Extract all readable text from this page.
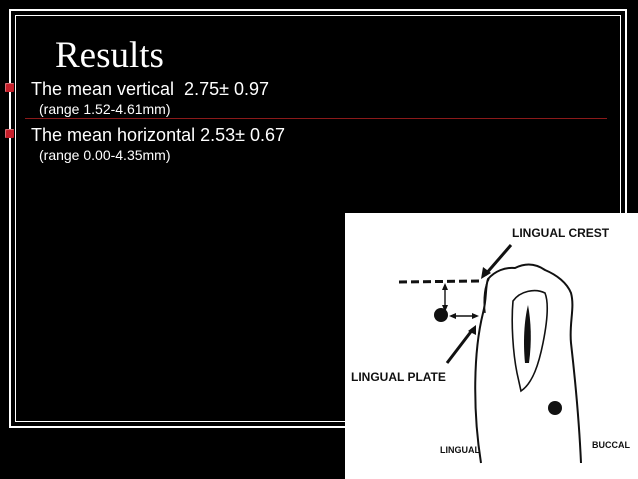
Results
The mean vertical  2.75± 0.97
(range 1.52-4.61mm)
The mean horizontal 2.53± 0.67
(range 0.00-4.35mm)
LINGUAL CREST
LINGUAL PLATE
LINGUAL	BUCCAL
